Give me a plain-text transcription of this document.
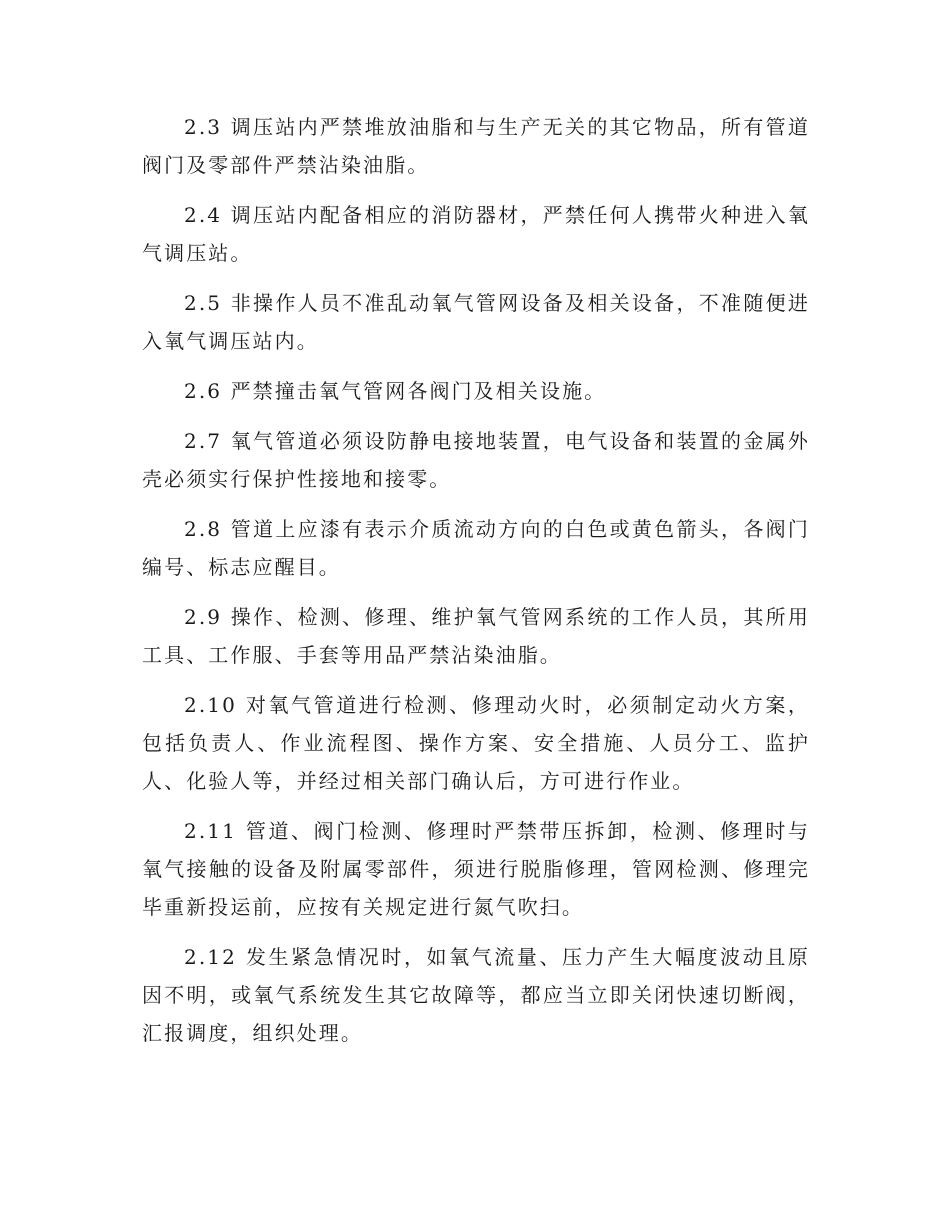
2.3 调压站内严禁堆放油脂和与生产无关的其它物品，所有管道阀门及零部件严禁沾染油脂。

2.4 调压站内配备相应的消防器材，严禁任何人携带火种进入氧气调压站。

2.5 非操作人员不准乱动氧气管网设备及相关设备，不准随便进入氧气调压站内。

2.6 严禁撞击氧气管网各阀门及相关设施。

2.7 氧气管道必须设防静电接地装置，电气设备和装置的金属外壳必须实行保护性接地和接零。

2.8 管道上应漆有表示介质流动方向的白色或黄色箭头，各阀门编号、标志应醒目。

2.9 操作、检测、修理、维护氧气管网系统的工作人员，其所用工具、工作服、手套等用品严禁沾染油脂。

2.10 对氧气管道进行检测、修理动火时，必须制定动火方案，包括负责人、作业流程图、操作方案、安全措施、人员分工、监护人、化验人等，并经过相关部门确认后，方可进行作业。

2.11 管道、阀门检测、修理时严禁带压拆卸，检测、修理时与氧气接触的设备及附属零部件，须进行脱脂修理，管网检测、修理完毕重新投运前，应按有关规定进行氮气吹扫。

2.12 发生紧急情况时，如氧气流量、压力产生大幅度波动且原因不明，或氧气系统发生其它故障等，都应当立即关闭快速切断阀，汇报调度，组织处理。
